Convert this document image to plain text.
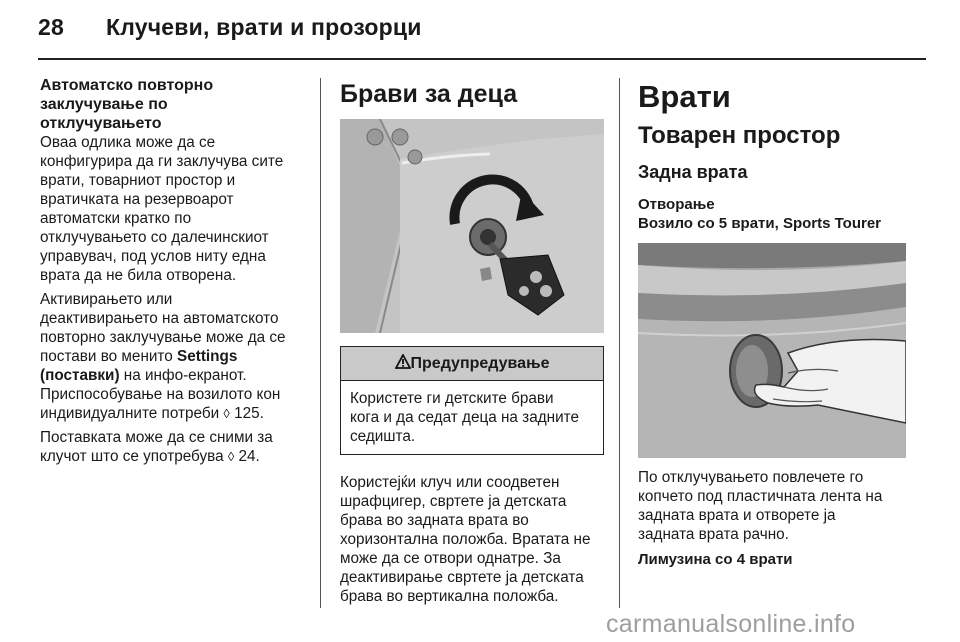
28 Клучеви, врати и прозорци
Автоматско повторно
заклучување по
отклучувањето
Оваа одлика може да се
конфигурира да ги заклучува сите
врати, товарниот простор и
вратичката на резервоарот
автоматски кратко по
отклучувањето со далечинскиот
управувач, под услов ниту една
врата да не била отворена.
Активирањето или
деактивирањето на автоматското
повторно заклучување може да се
постави во менито Settings
(поставки) на инфо-екранот.
Приспособување на возилото кон
индивидуалните потреби ◊ 125.
Поставката може да се сними за
клучот што се употребува ◊ 24.
Брави за деца
Предупредување
Користете ги детските брави
кога и да седат деца на задните
седишта.
Користејќи клуч или соодветен
шрафцигер, свртете ја детската
брава во задната врата во
хоризонтална положба. Вратата не
може да се отвори однатре. За
деактивирање свртете ја детската
брава во вертикална положба.
Врати
Товарен простор
Задна врата
Отворање
Возило со 5 врати, Sports Tourer
По отклучувањето повлечете го
копчето под пластичната лента на
задната врата и отворете ја
задната врата рачно.
Лимузина со 4 врати
carmanualsonline.info
